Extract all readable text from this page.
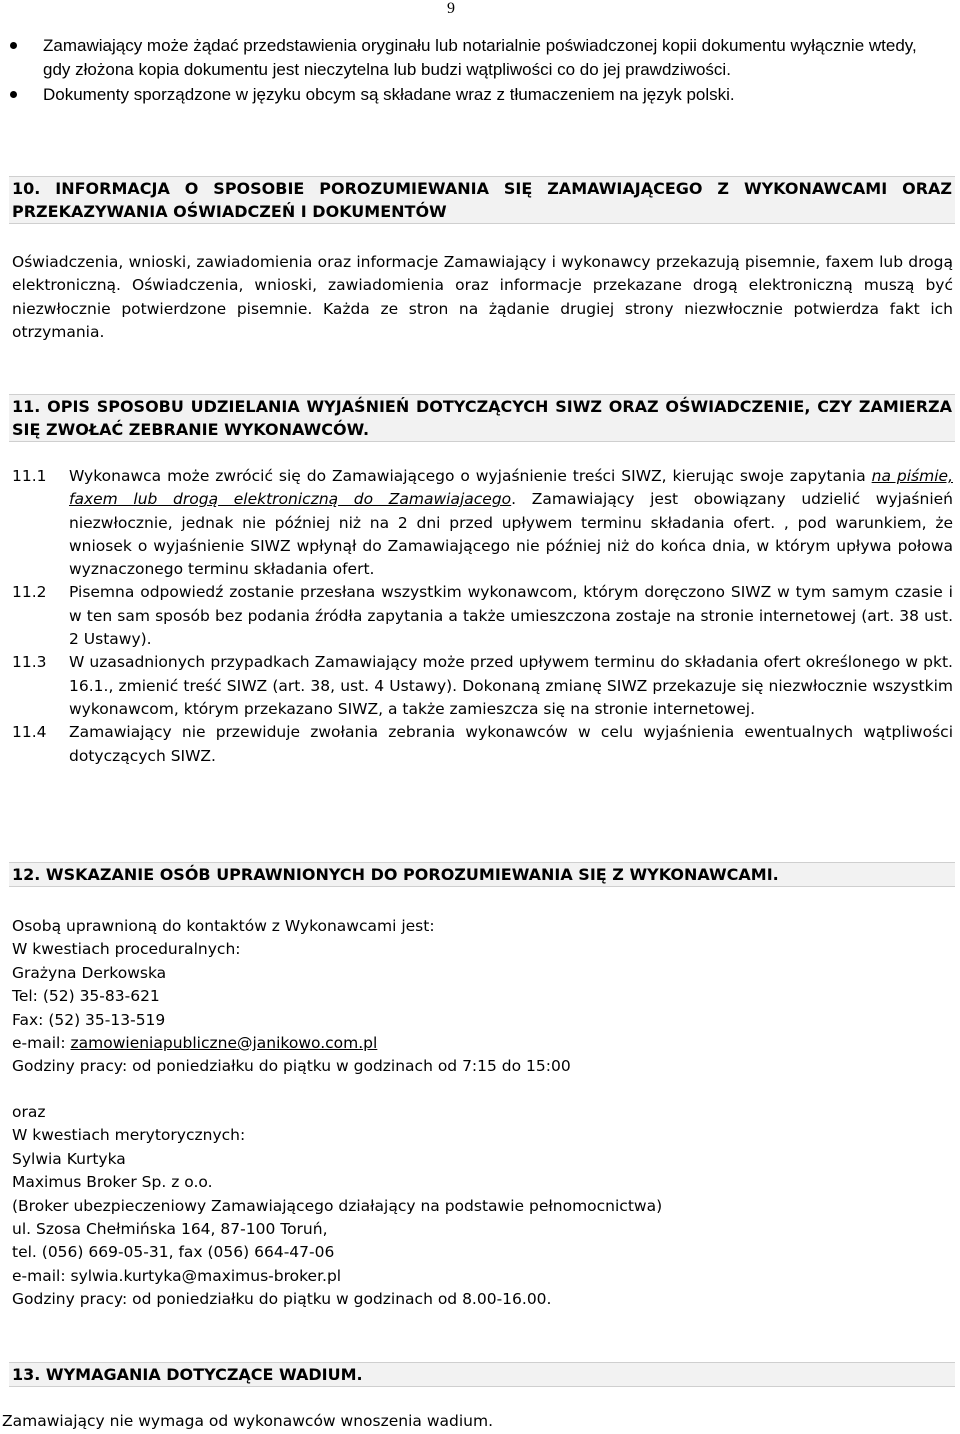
9
Zamawiający może żądać przedstawienia oryginału lub notarialnie poświadczonej kopii dokumentu wyłącznie wtedy, gdy złożona kopia dokumentu jest nieczytelna lub budzi wątpliwości co do jej prawdziwości.
Dokumenty sporządzone w języku obcym są składane wraz z tłumaczeniem na język polski.
10. INFORMACJA O SPOSOBIE POROZUMIEWANIA SIĘ ZAMAWIAJĄCEGO Z WYKONAWCAMI ORAZ PRZEKAZYWANIA OŚWIADCZEŃ I DOKUMENTÓW

Oświadczenia, wnioski, zawiadomienia oraz informacje Zamawiający i wykonawcy przekazują pisemnie, faxem lub drogą elektroniczną. Oświadczenia, wnioski, zawiadomienia oraz informacje przekazane drogą elektroniczną muszą być niezwłocznie potwierdzone pisemnie. Każda ze stron na żądanie drugiej strony niezwłocznie potwierdza fakt ich otrzymania.

11. OPIS SPOSOBU UDZIELANIA WYJAŚNIEŃ DOTYCZĄCYCH SIWZ ORAZ OŚWIADCZENIE, CZY ZAMIERZA SIĘ ZWOŁAĆ ZEBRANIE WYKONAWCÓW.
11.1	Wykonawca może zwrócić się do Zamawiającego o wyjaśnienie treści SIWZ, kierując swoje zapytania na piśmie, faxem lub drogą elektroniczną do Zamawiajacego. Zamawiający jest obowiązany udzielić wyjaśnień niezwłocznie, jednak nie później niż na 2 dni przed upływem terminu składania ofert. , pod warunkiem, że wniosek o wyjaśnienie SIWZ wpłynął do Zamawiającego nie później niż do końca dnia, w którym upływa połowa wyznaczonego terminu składania ofert.
11.2	Pisemna odpowiedź zostanie przesłana wszystkim wykonawcom, którym doręczono SIWZ w tym samym czasie i w ten sam sposób bez podania źródła zapytania a także umieszczona zostaje na stronie internetowej (art. 38 ust. 2 Ustawy).
11.3	W uzasadnionych przypadkach Zamawiający może przed upływem terminu do składania ofert określonego w pkt. 16.1., zmienić treść SIWZ (art. 38, ust. 4 Ustawy). Dokonaną zmianę SIWZ przekazuje się niezwłocznie wszystkim wykonawcom, którym przekazano SIWZ, a także zamieszcza się na stronie internetowej.
11.4	Zamawiający nie przewiduje zwołania zebrania wykonawców w celu wyjaśnienia ewentualnych wątpliwości dotyczących SIWZ.
12. WSKAZANIE OSÓB UPRAWNIONYCH DO POROZUMIEWANIA SIĘ Z WYKONAWCAMI.
Osobą uprawnioną do kontaktów z Wykonawcami jest:
W kwestiach proceduralnych:
Grażyna Derkowska
Tel: (52) 35-83-621
Fax: (52) 35-13-519
e-mail: zamowieniapubliczne@janikowo.com.pl
Godziny pracy: od poniedziałku do piątku w godzinach od 7:15 do 15:00
oraz
W kwestiach merytorycznych:
Sylwia Kurtyka
Maximus Broker Sp. z o.o.
(Broker ubezpieczeniowy Zamawiającego działający na podstawie pełnomocnictwa)
ul. Szosa Chełmińska 164, 87-100 Toruń,
tel. (056) 669-05-31, fax (056) 664-47-06
e-mail: sylwia.kurtyka@maximus-broker.pl
Godziny pracy: od poniedziałku do piątku w godzinach od 8.00-16.00.
13. WYMAGANIA DOTYCZĄCE WADIUM.
Zamawiający nie wymaga od wykonawców wnoszenia wadium.
